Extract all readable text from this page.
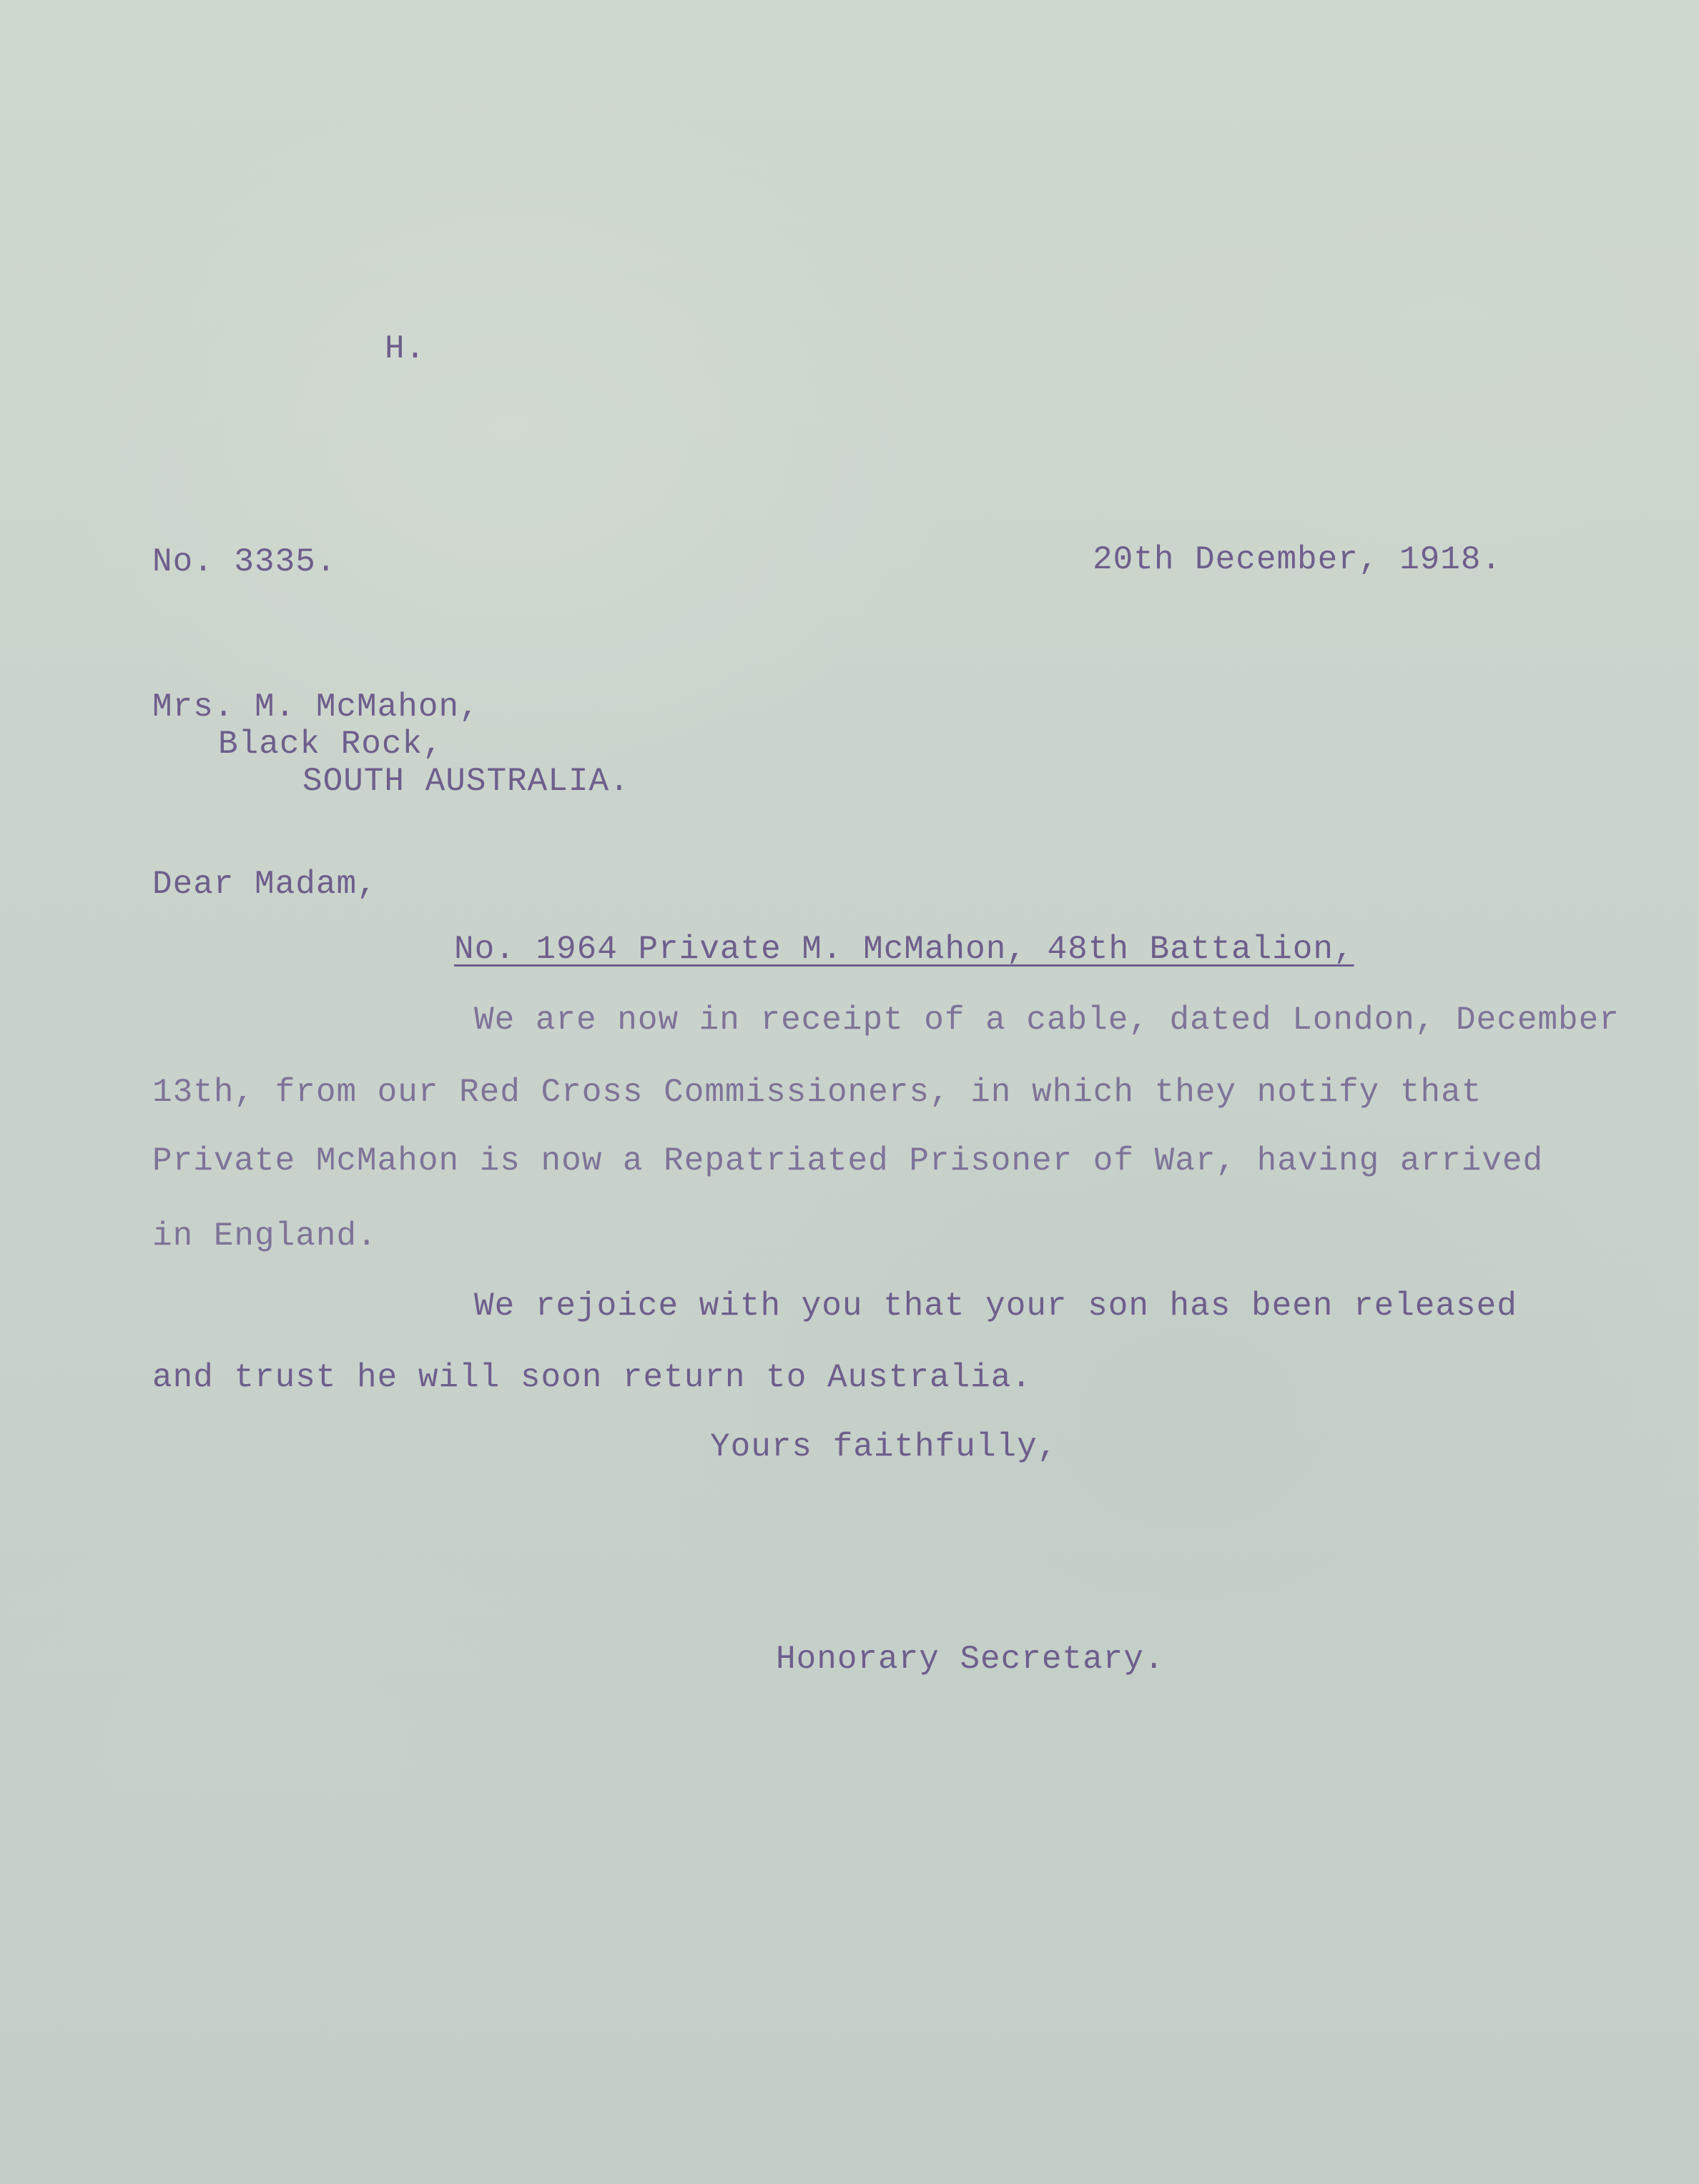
H.
No. 3335.	20th December, 1918.
Mrs. M. McMahon,
Black Rock,
SOUTH AUSTRALIA.
Dear Madam,
No. 1964 Private M. McMahon, 48th Battalion,
We are now in receipt of a cable, dated London, December
13th, from our Red Cross Commissioners, in which they notify that
Private McMahon is now a Repatriated Prisoner of War, having arrived
in England.
We rejoice with you that your son has been released
and trust he will soon return to Australia.
Yours faithfully,
Honorary Secretary.
